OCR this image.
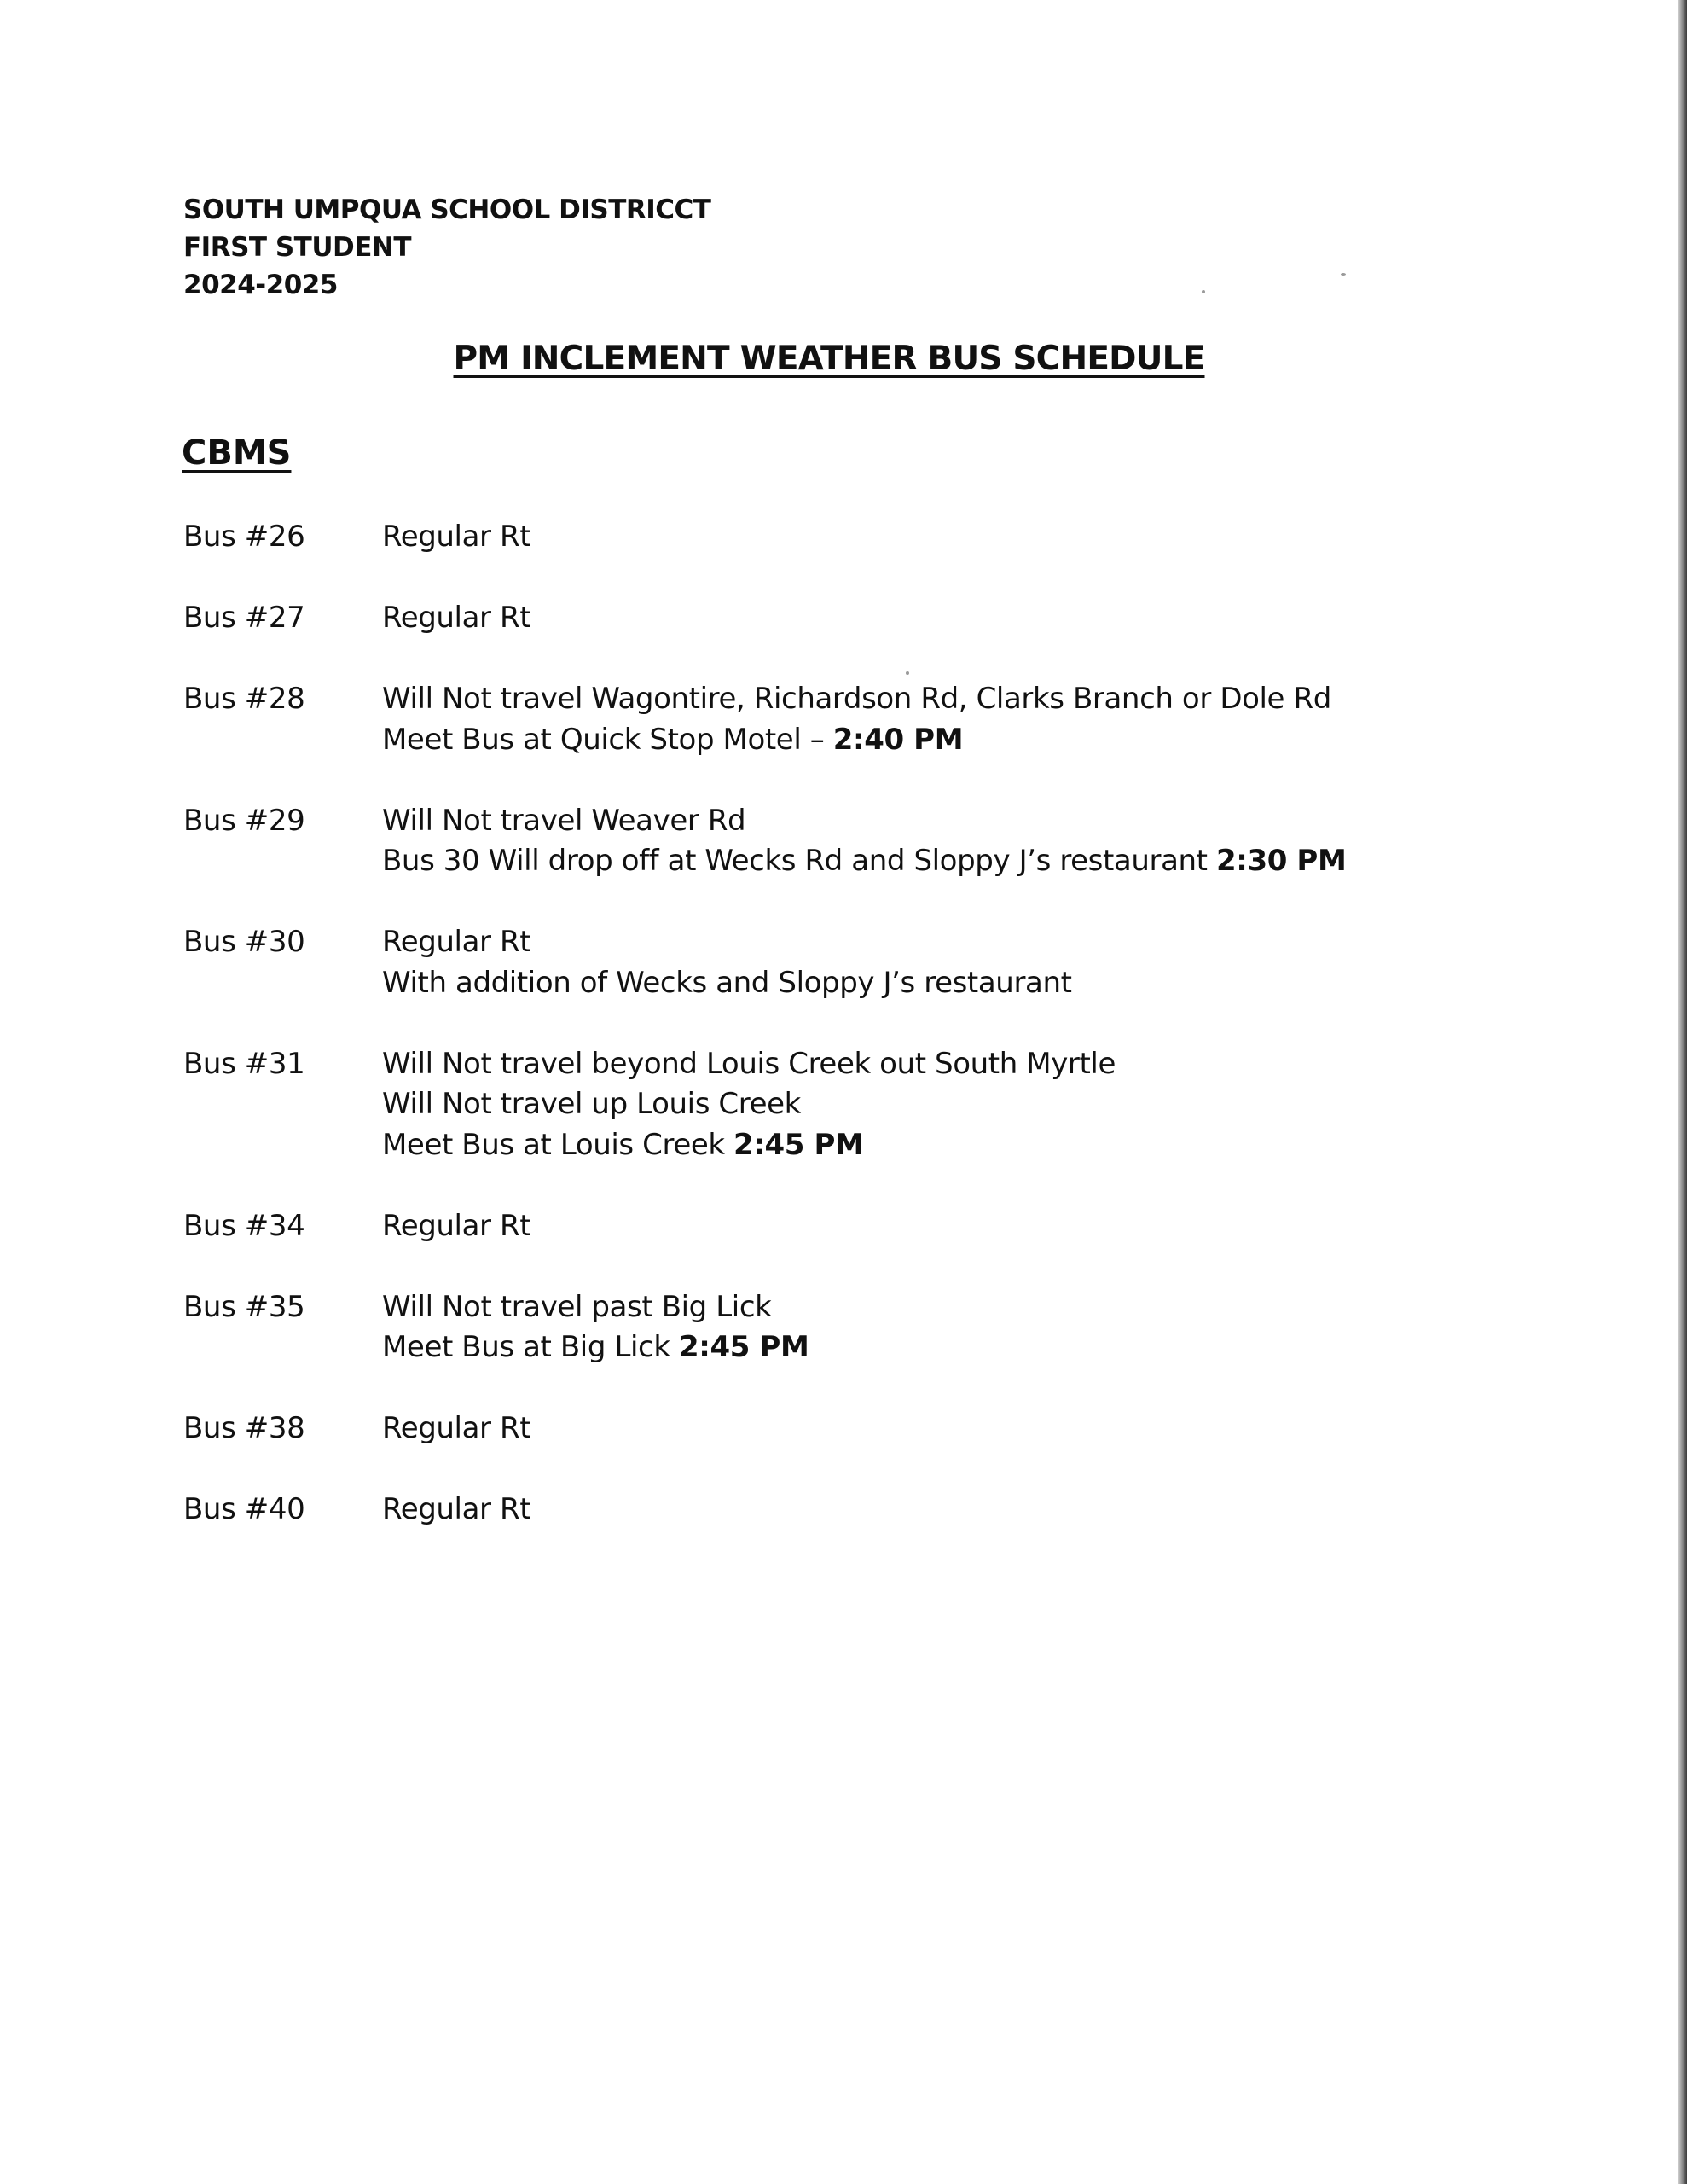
SOUTH UMPQUA SCHOOL DISTRICCT
FIRST STUDENT
2024-2025
PM INCLEMENT WEATHER BUS SCHEDULE
CBMS
Bus #26	Regular Rt
Bus #27	Regular Rt
Bus #28	Will Not travel Wagontire, Richardson Rd, Clarks Branch or Dole Rd
Meet Bus at Quick Stop Motel – 2:40 PM
Bus #29	Will Not travel Weaver Rd
Bus 30 Will drop off at Wecks Rd and Sloppy J’s restaurant 2:30 PM
Bus #30	Regular Rt
With addition of Wecks and Sloppy J’s restaurant
Bus #31	Will Not travel beyond Louis Creek out South Myrtle
Will Not travel up Louis Creek
Meet Bus at Louis Creek 2:45 PM
Bus #34	Regular Rt
Bus #35	Will Not travel past Big Lick
Meet Bus at Big Lick 2:45 PM
Bus #38	Regular Rt
Bus #40	Regular Rt
